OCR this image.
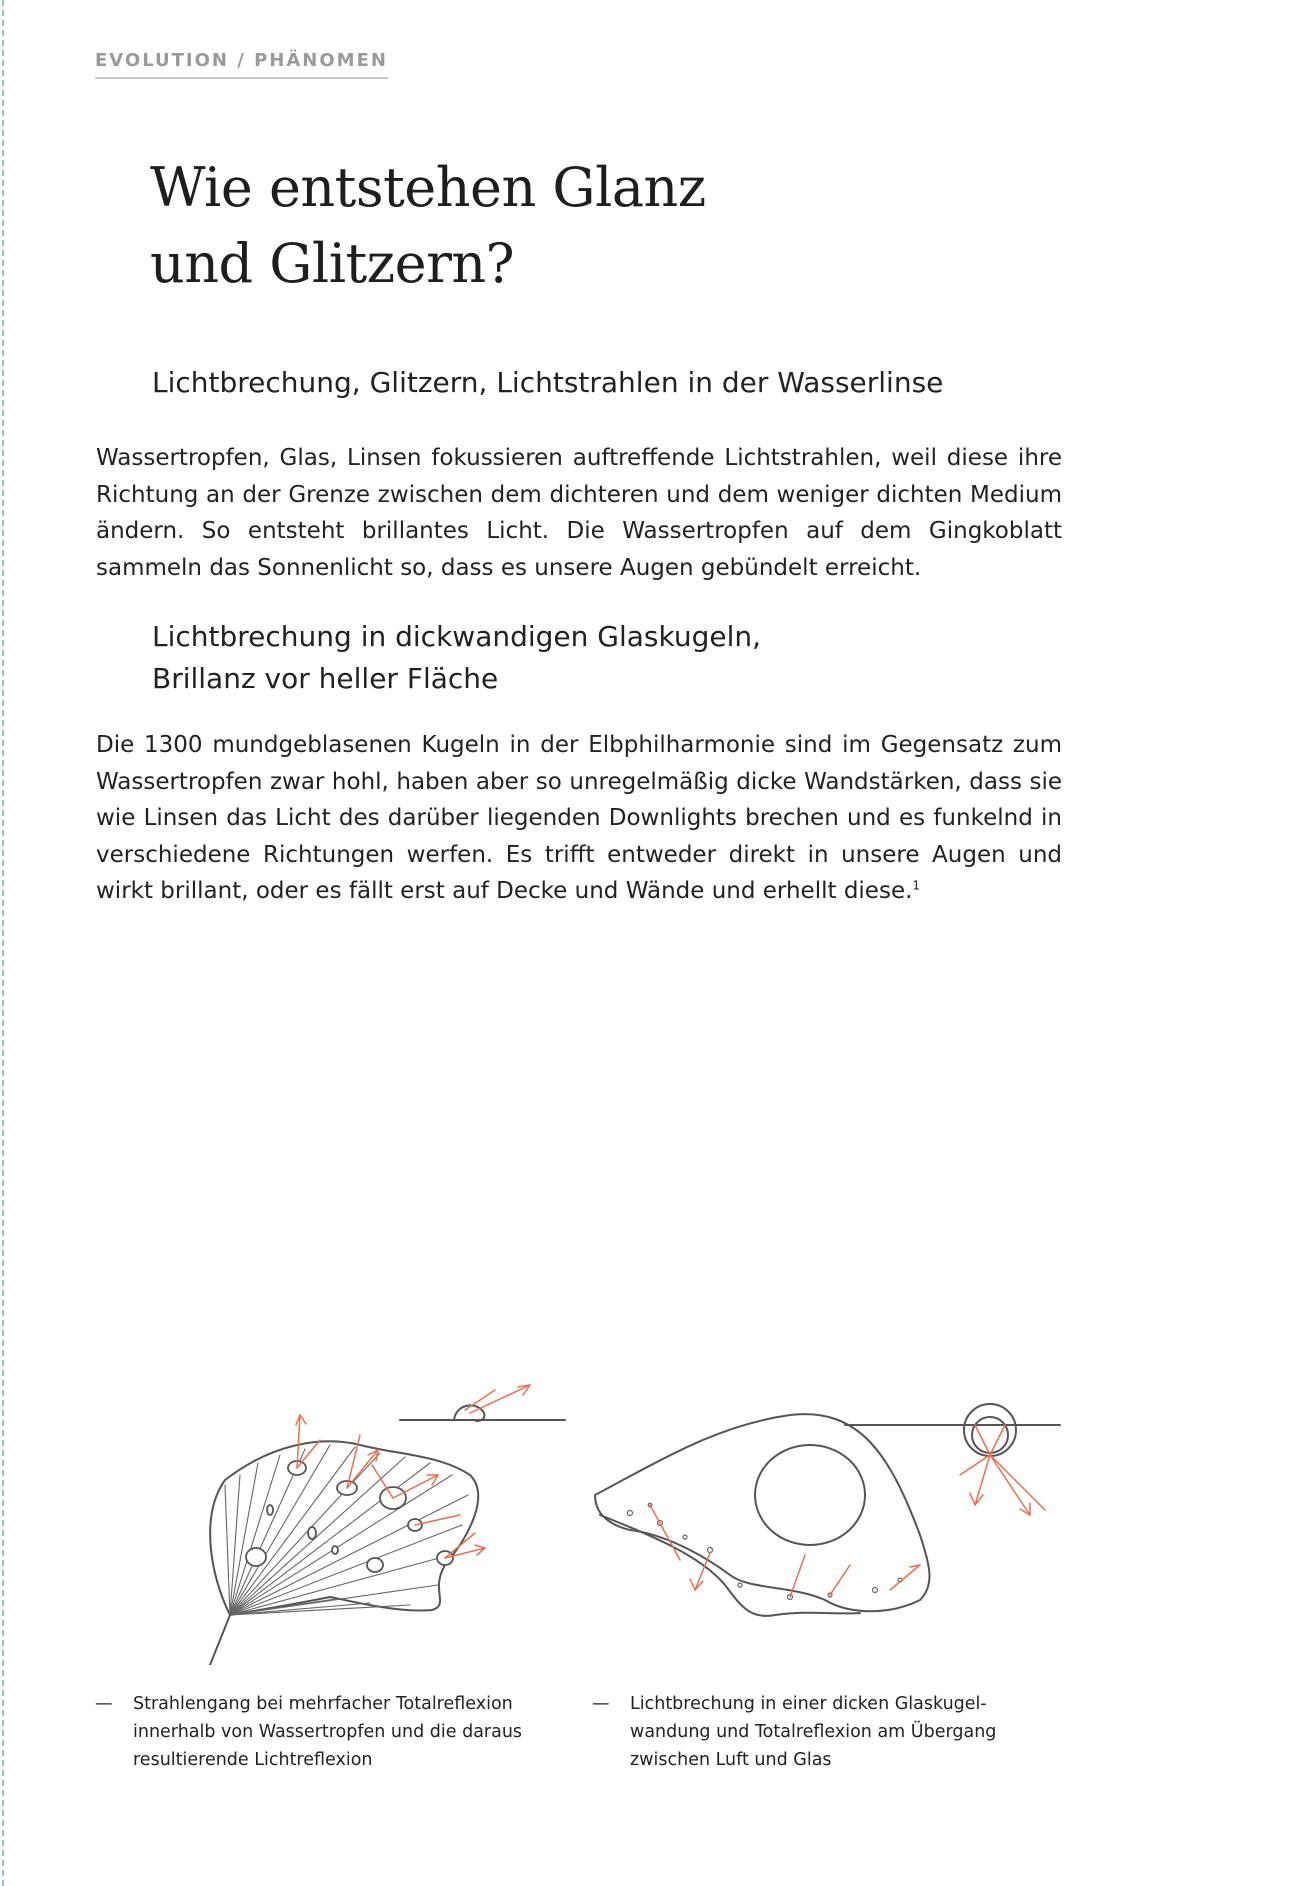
EVOLUTION / PHÄNOMEN
Wie entstehen Glanz
und Glitzern?
Lichtbrechung, Glitzern, Lichtstrahlen in der Wasserlinse

Wassertropfen, Glas, Linsen fokussieren auftreffende Lichtstrahlen, weil diese ihre Richtung an der Grenze zwischen dem dichteren und dem weniger dichten Medium ändern. So entsteht brillantes Licht. Die Wassertropfen auf dem Gingkoblatt sammeln das Sonnenlicht so, dass es unsere Augen gebündelt erreicht.

Lichtbrechung in dickwandigen Glaskugeln,
Brillanz vor heller Fläche

Die 1300 mundgeblasenen Kugeln in der Elbphilharmonie sind im Gegensatz zum Wassertropfen zwar hohl, haben aber so unregelmäßig dicke Wandstärken, dass sie wie Linsen das Licht des darüber liegenden Downlights brechen und es funkelnd in verschiedene Richtungen werfen. Es trifft entweder direkt in unsere Augen und wirkt brillant, oder es fällt erst auf Decke und Wände und erhellt diese.$^1$

— Strahlengang bei mehrfacher Totalreflexion
innerhalb von Wassertropfen und die daraus
resultierende Lichtreflexion
— Lichtbrechung in einer dicken Glaskugel-
wandung und Totalreflexion am Übergang
zwischen Luft und Glas
